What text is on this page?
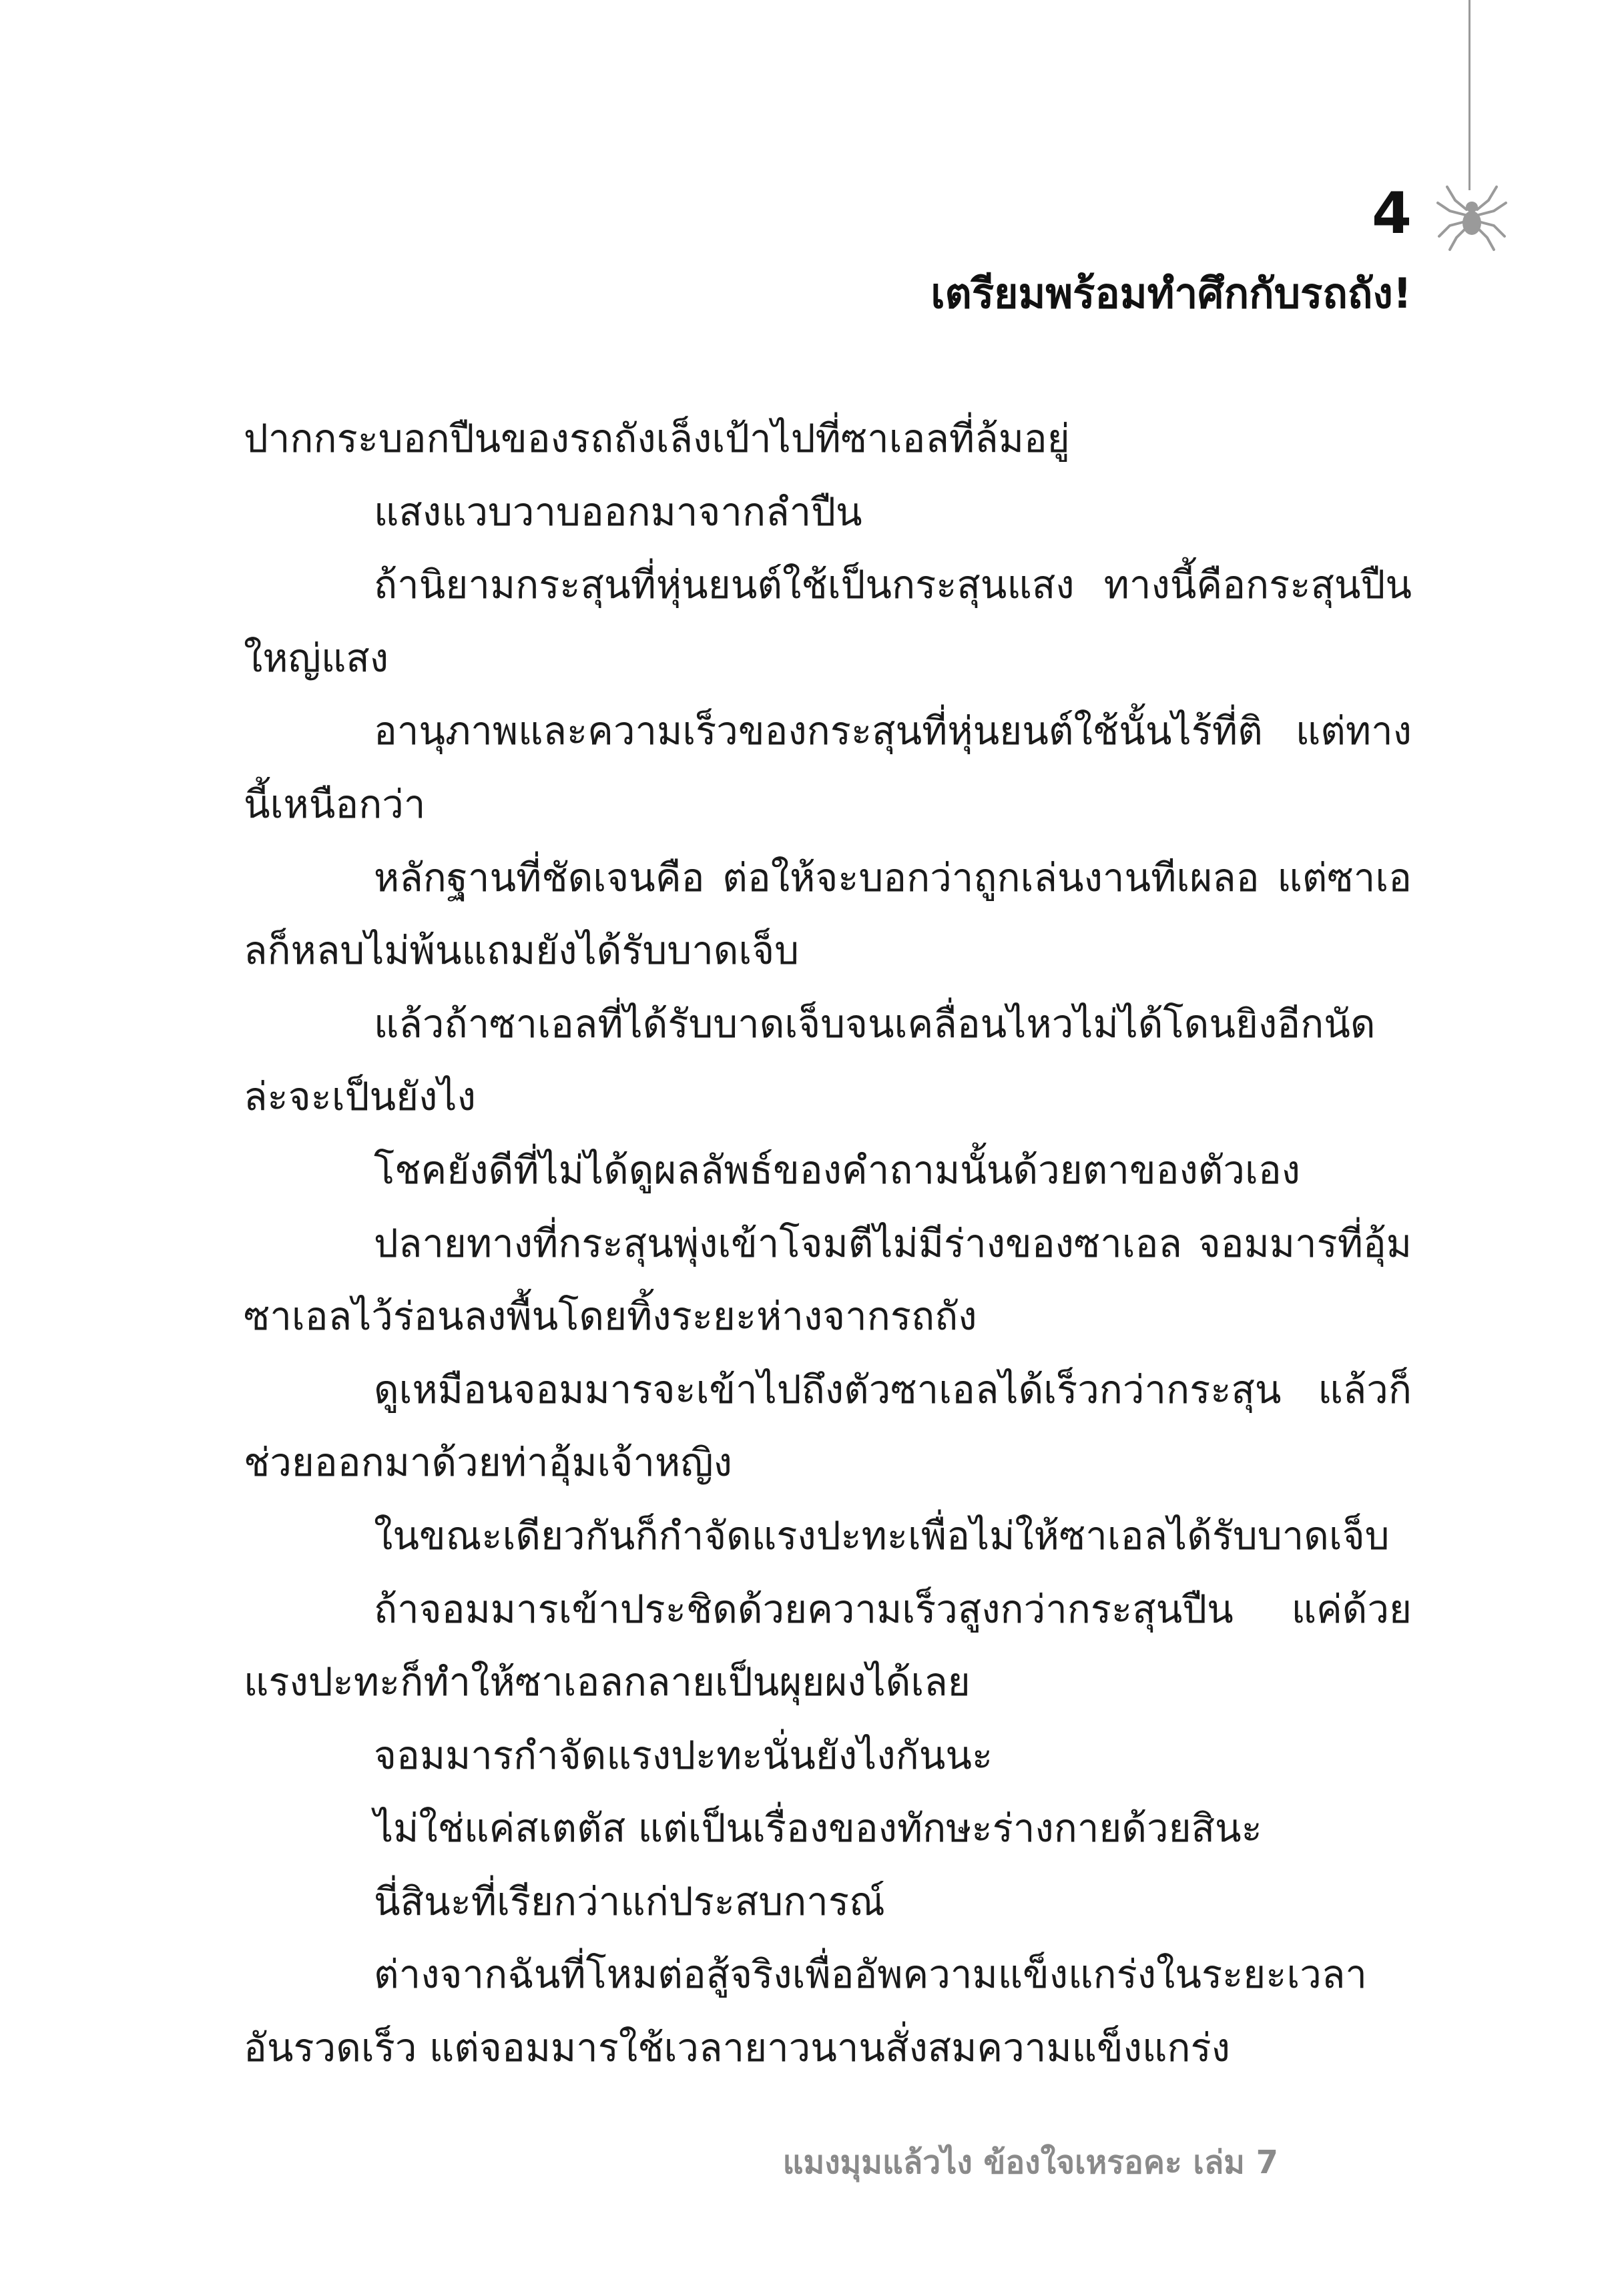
4
เตรียมพร้อมทำศึกกับรถถัง!

ปากกระบอกปืนของรถถังเล็งเป้าไปที่ซาเอลที่ล้มอยู่

แสงแวบวาบออกมาจากลำปืน

ถ้านิยามกระสุนที่หุ่นยนต์ใช้เป็นกระสุนแสง ทางนี้คือกระสุนปืนใหญ่แสง

อานุภาพและความเร็วของกระสุนที่หุ่นยนต์ใช้นั้นไร้ที่ติ แต่ทางนี้เหนือกว่า

หลักฐานที่ชัดเจนคือ ต่อให้จะบอกว่าถูกเล่นงานทีเผลอ แต่ซาเอลก็หลบไม่พ้นแถมยังได้รับบาดเจ็บ

แล้วถ้าซาเอลที่ได้รับบาดเจ็บจนเคลื่อนไหวไม่ได้โดนยิงอีกนัดล่ะจะเป็นยังไง

โชคยังดีที่ไม่ได้ดูผลลัพธ์ของคำถามนั้นด้วยตาของตัวเอง

ปลายทางที่กระสุนพุ่งเข้าโจมตีไม่มีร่างของซาเอล จอมมารที่อุ้มซาเอลไว้ร่อนลงพื้นโดยทิ้งระยะห่างจากรถถัง

ดูเหมือนจอมมารจะเข้าไปถึงตัวซาเอลได้เร็วกว่ากระสุน แล้วก็ช่วยออกมาด้วยท่าอุ้มเจ้าหญิง

ในขณะเดียวกันก็กำจัดแรงปะทะเพื่อไม่ให้ซาเอลได้รับบาดเจ็บ

ถ้าจอมมารเข้าประชิดด้วยความเร็วสูงกว่ากระสุนปืน แค่ด้วยแรงปะทะก็ทำให้ซาเอลกลายเป็นผุยผงได้เลย

จอมมารกำจัดแรงปะทะนั่นยังไงกันนะ

ไม่ใช่แค่สเตตัส แต่เป็นเรื่องของทักษะร่างกายด้วยสินะ

นี่สินะที่เรียกว่าแก่ประสบการณ์

ต่างจากฉันที่โหมต่อสู้จริงเพื่ออัพความแข็งแกร่งในระยะเวลาอันรวดเร็ว แต่จอมมารใช้เวลายาวนานสั่งสมความแข็งแกร่ง

แมงมุมแล้วไง ข้องใจเหรอคะ เล่ม 7
